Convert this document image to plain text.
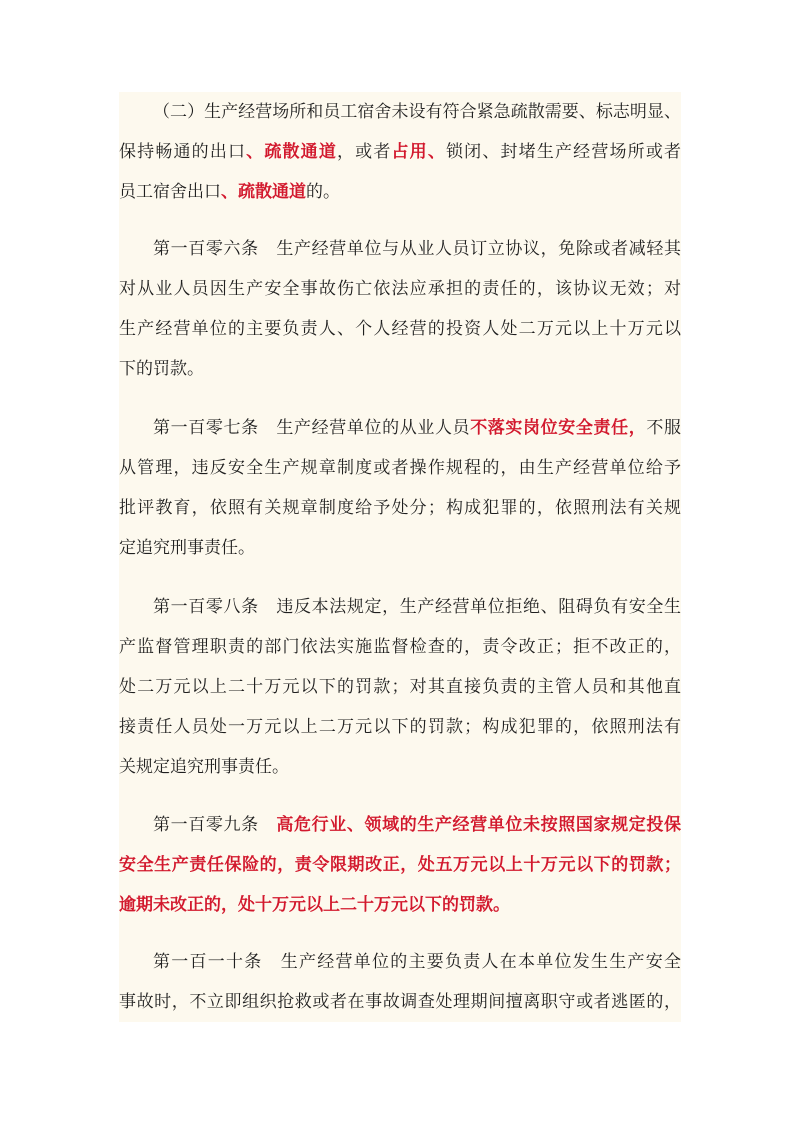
（二）生产经营场所和员工宿舍未设有符合紧急疏散需要、标志明显、
保持畅通的出口、疏散通道，或者占用、锁闭、封堵生产经营场所或者
员工宿舍出口、疏散通道的。
第一百零六条 生产经营单位与从业人员订立协议，免除或者减轻其
对从业人员因生产安全事故伤亡依法应承担的责任的，该协议无效；对
生产经营单位的主要负责人、个人经营的投资人处二万元以上十万元以
下的罚款。
第一百零七条 生产经营单位的从业人员不落实岗位安全责任，不服
从管理，违反安全生产规章制度或者操作规程的，由生产经营单位给予
批评教育，依照有关规章制度给予处分；构成犯罪的，依照刑法有关规
定追究刑事责任。
第一百零八条 违反本法规定，生产经营单位拒绝、阻碍负有安全生
产监督管理职责的部门依法实施监督检查的，责令改正；拒不改正的，
处二万元以上二十万元以下的罚款；对其直接负责的主管人员和其他直
接责任人员处一万元以上二万元以下的罚款；构成犯罪的，依照刑法有
关规定追究刑事责任。
第一百零九条 高危行业、领域的生产经营单位未按照国家规定投保
安全生产责任保险的，责令限期改正，处五万元以上十万元以下的罚款；
逾期未改正的，处十万元以上二十万元以下的罚款。
第一百一十条 生产经营单位的主要负责人在本单位发生生产安全
事故时，不立即组织抢救或者在事故调查处理期间擅离职守或者逃匿的，
